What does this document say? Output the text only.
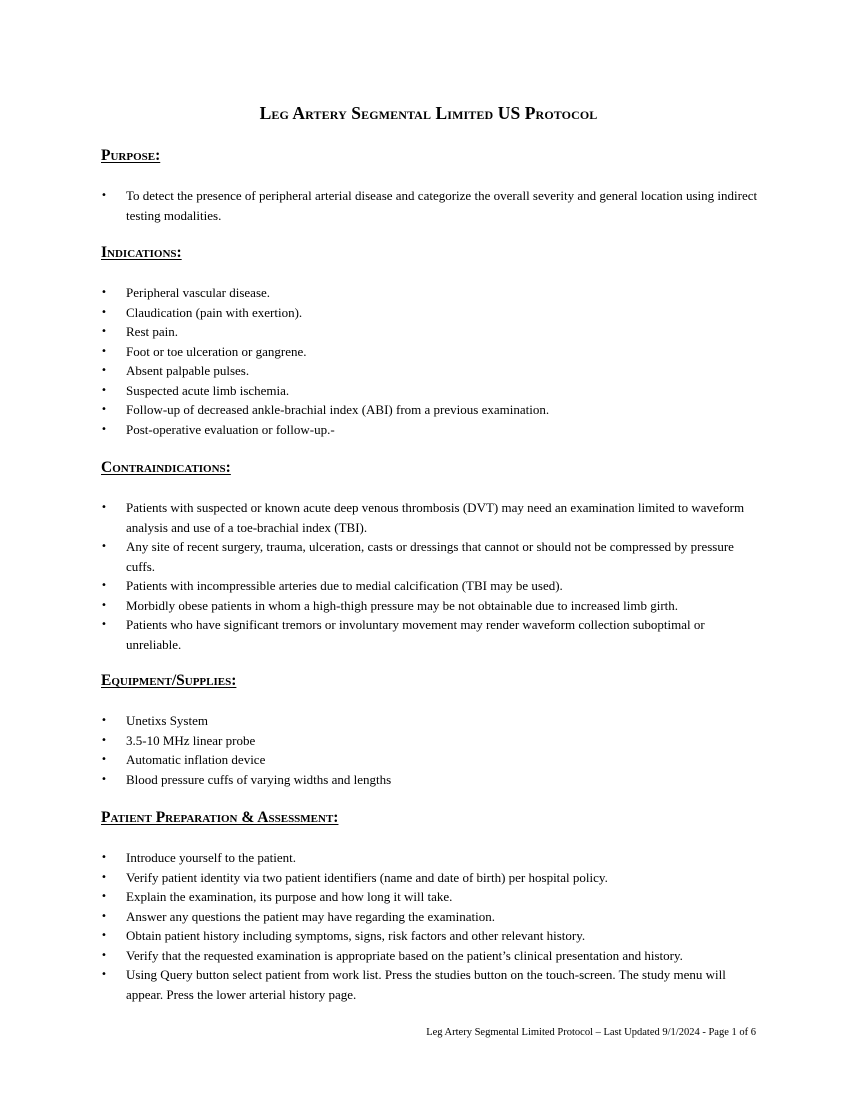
Leg Artery Segmental Limited US Protocol
Purpose:
• To detect the presence of peripheral arterial disease and categorize the overall severity and general location using indirect testing modalities.
Indications:
• Peripheral vascular disease.
• Claudication (pain with exertion).
• Rest pain.
• Foot or toe ulceration or gangrene.
• Absent palpable pulses.
• Suspected acute limb ischemia.
• Follow-up of decreased ankle-brachial index (ABI) from a previous examination.
• Post-operative evaluation or follow-up.-
Contraindications:
• Patients with suspected or known acute deep venous thrombosis (DVT) may need an examination limited to waveform analysis and use of a toe-brachial index (TBI).
• Any site of recent surgery, trauma, ulceration, casts or dressings that cannot or should not be compressed by pressure cuffs.
• Patients with incompressible arteries due to medial calcification (TBI may be used).
• Morbidly obese patients in whom a high-thigh pressure may be not obtainable due to increased limb girth.
• Patients who have significant tremors or involuntary movement may render waveform collection suboptimal or unreliable.
Equipment/Supplies:
• Unetixs System
• 3.5-10 MHz linear probe
• Automatic inflation device
• Blood pressure cuffs of varying widths and lengths
Patient Preparation & Assessment:
• Introduce yourself to the patient.
• Verify patient identity via two patient identifiers (name and date of birth) per hospital policy.
• Explain the examination, its purpose and how long it will take.
• Answer any questions the patient may have regarding the examination.
• Obtain patient history including symptoms, signs, risk factors and other relevant history.
• Verify that the requested examination is appropriate based on the patient’s clinical presentation and history.
• Using Query button select patient from work list. Press the studies button on the touch-screen. The study menu will appear. Press the lower arterial history page.
Leg Artery Segmental Limited Protocol – Last Updated 9/1/2024 - Page 1 of 6
